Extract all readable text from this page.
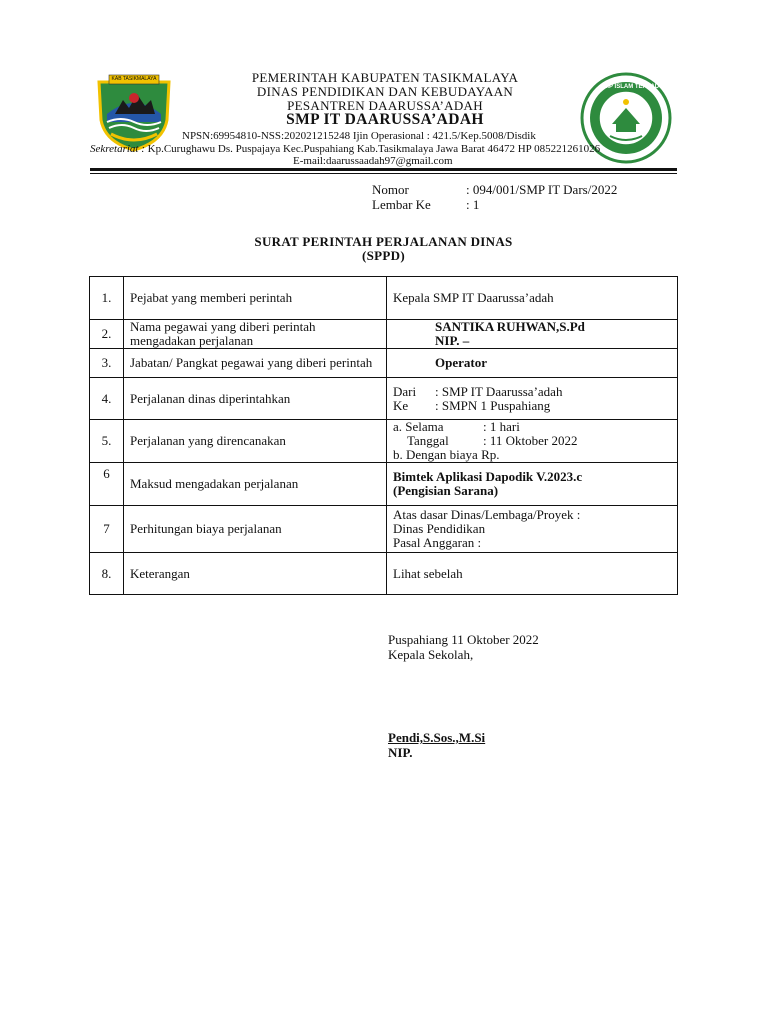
KAB TASIKMALAYA
SMP ISLAM TERPADU
PEMERINTAH KABUPATEN TASIKMALAYA
DINAS PENDIDIKAN DAN KEBUDAYAAN
PESANTREN DAARUSSA’ADAH
SMP IT DAARUSSA’ADAH
NPSN:69954810-NSS:202021215248 Ijin Operasional : 421.5/Kep.5008/Disdik
Sekretariat : Kp.Curughawu Ds. Puspajaya Kec.Puspahiang Kab.Tasikmalaya Jawa Barat 46472 HP 085221261026
E-mail:daarussaadah97@gmail.com
Nomor	: 094/001/SMP IT Dars/2022
Lembar Ke	: 1
SURAT PERINTAH PERJALANAN DINAS
(SPPD)
1.	Pejabat yang memberi perintah	Kepala SMP IT Daarussa’adah
2.	Nama pegawai yang diberi perintah mengadakan perjalanan	SANTIKA RUHWAN,S.Pd
NIP. –

3.	Jabatan/ Pangkat pegawai yang diberi perintah	Operator
4.	Perjalanan dinas diperintahkan	Dari : SMP IT Daarussa’adah
Ke : SMPN 1 Puspahiang

5.	Perjalanan yang direncanakan	a. Selama : 1 hari
Tanggal : 11 Oktober 2022
b. Dengan biaya Rp.

6	Maksud mengadakan perjalanan	Bimtek Aplikasi Dapodik V.2023.c
(Pengisian Sarana)

7	Perhitungan biaya perjalanan	Atas dasar Dinas/Lembaga/Proyek :
Dinas Pendidikan
Pasal Anggaran :

8.	Keterangan	Lihat sebelah
Puspahiang 11 Oktober 2022
Kepala Sekolah,
Pendi,S.Sos.,M.Si
NIP.
